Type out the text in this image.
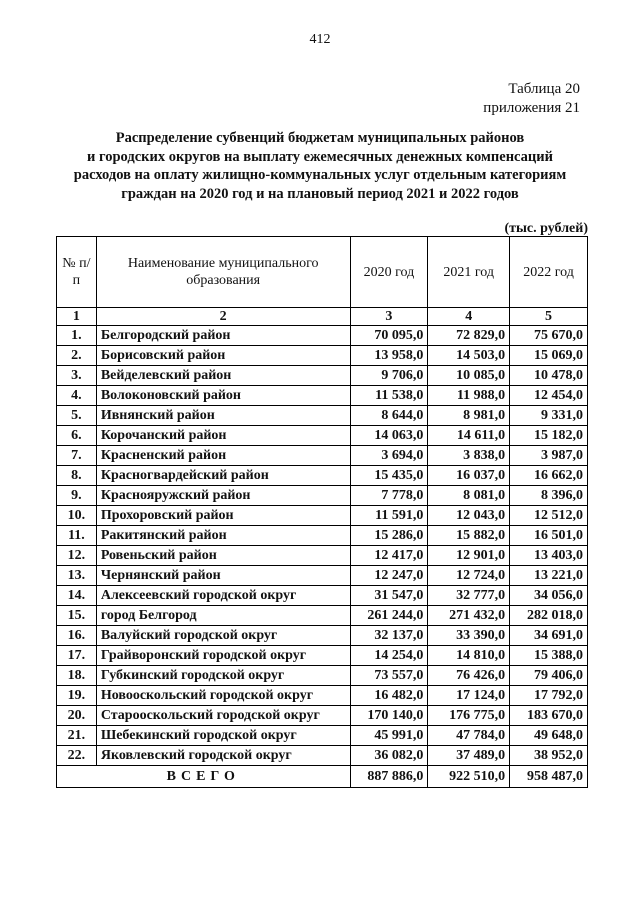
412
Таблица 20
приложения 21
Распределение субвенций бюджетам муниципальных районов
и городских округов на выплату ежемесячных денежных компенсаций
расходов на оплату жилищно-коммунальных услуг отдельным категориям
граждан на 2020 год и на плановый период 2021 и 2022 годов
(тыс. рублей)
№ п/п	Наименование муниципального образования	2020 год	2021 год	2022 год
1	2	3	4	5
1.	Белгородский район	70 095,0	72 829,0	75 670,0
2.	Борисовский район	13 958,0	14 503,0	15 069,0
3.	Вейделевский район	9 706,0	10 085,0	10 478,0
4.	Волоконовский район	11 538,0	11 988,0	12 454,0
5.	Ивнянский район	8 644,0	8 981,0	9 331,0
6.	Корочанский район	14 063,0	14 611,0	15 182,0
7.	Красненский район	3 694,0	3 838,0	3 987,0
8.	Красногвардейский район	15 435,0	16 037,0	16 662,0
9.	Краснояружский район	7 778,0	8 081,0	8 396,0
10.	Прохоровский район	11 591,0	12 043,0	12 512,0
11.	Ракитянский район	15 286,0	15 882,0	16 501,0
12.	Ровеньский район	12 417,0	12 901,0	13 403,0
13.	Чернянский район	12 247,0	12 724,0	13 221,0
14.	Алексеевский городской округ	31 547,0	32 777,0	34 056,0
15.	город Белгород	261 244,0	271 432,0	282 018,0
16.	Валуйский городской округ	32 137,0	33 390,0	34 691,0
17.	Грайворонский городской округ	14 254,0	14 810,0	15 388,0
18.	Губкинский городской округ	73 557,0	76 426,0	79 406,0
19.	Новооскольский городской округ	16 482,0	17 124,0	17 792,0
20.	Старооскольский городской округ	170 140,0	176 775,0	183 670,0
21.	Шебекинский городской округ	45 991,0	47 784,0	49 648,0
22.	Яковлевский городской округ	36 082,0	37 489,0	38 952,0
ВСЕГО		887 886,0	922 510,0	958 487,0
